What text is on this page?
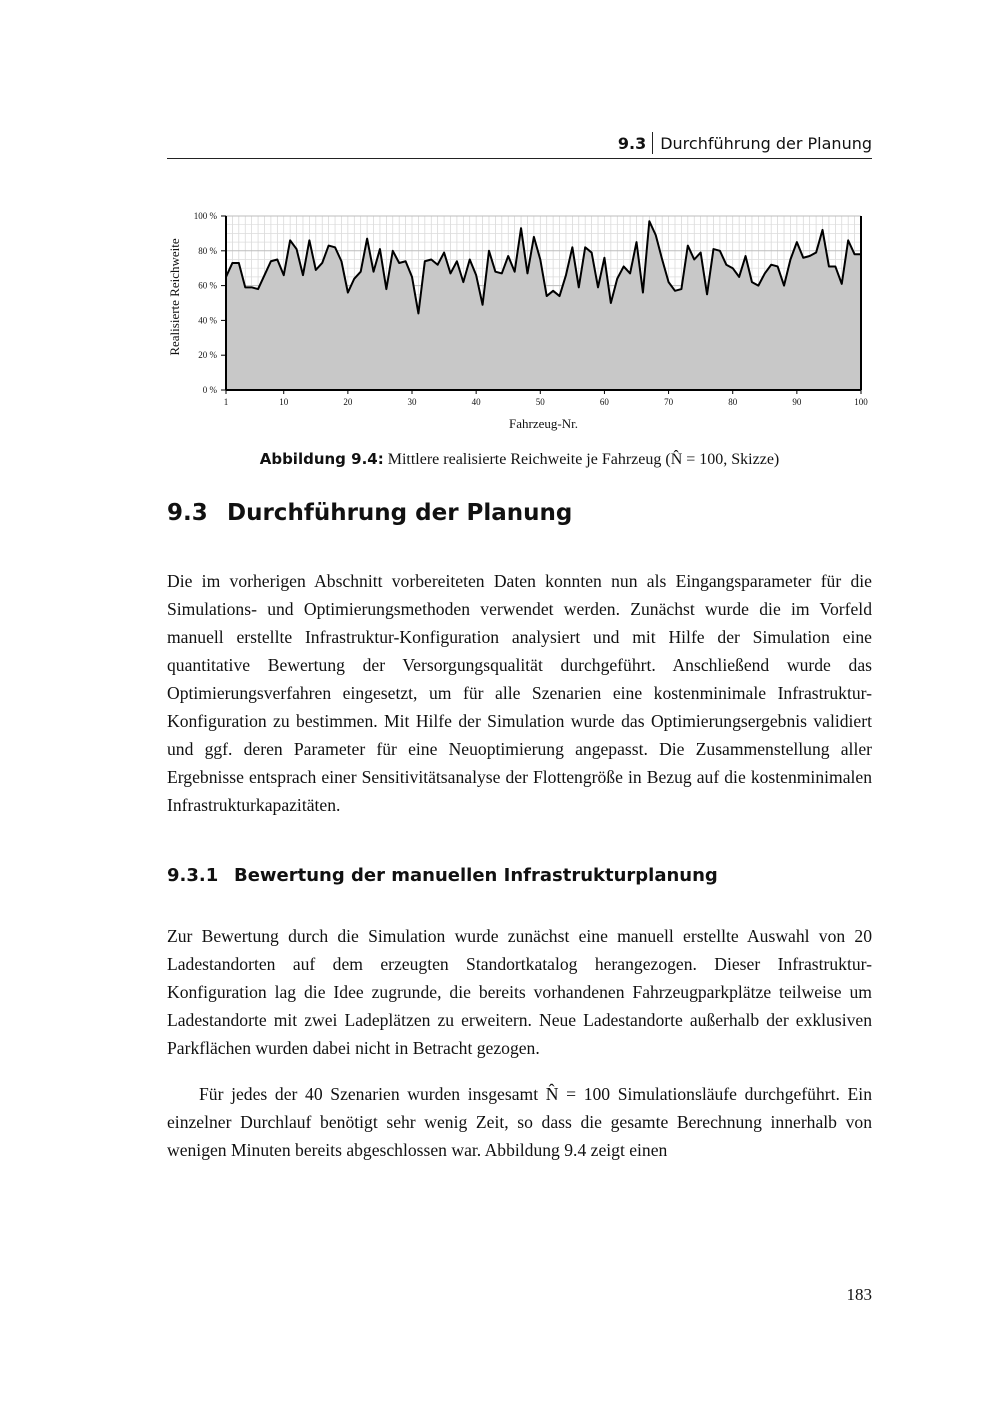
9.3 Durchführung der Planung
0 %
20 %
40 %
60 %
80 %
100 %
1	10	20	30	40	50	60	70	80	90	100
Fahrzeug-Nr.
Realisierte Reichweite
Abbildung 9.4: Mittlere realisierte Reichweite je Fahrzeug (N̂ = 100, Skizze)
9.3 Durchführung der Planung

Die im vorherigen Abschnitt vorbereiteten Daten konnten nun als Eingangsparameter für die Simulations- und Optimierungsmethoden verwendet werden. Zunächst wurde die im Vorfeld manuell erstellte Infrastruktur-Konfiguration analysiert und mit Hilfe der Simulation eine quantitative Bewertung der Versorgungsqualität durchgeführt. Anschließend wurde das Optimierungsverfahren eingesetzt, um für alle Szenarien eine kostenminimale Infrastruktur-Konfiguration zu bestimmen. Mit Hilfe der Simulation wurde das Optimierungsergebnis validiert und ggf. deren Parameter für eine Neuoptimierung angepasst. Die Zusammenstellung aller Ergebnisse entsprach einer Sensitivitätsanalyse der Flottengröße in Bezug auf die kostenminimalen Infrastrukturkapazitäten.

9.3.1 Bewertung der manuellen Infrastrukturplanung

Zur Bewertung durch die Simulation wurde zunächst eine manuell erstellte Auswahl von 20 Ladestandorten auf dem erzeugten Standortkatalog herangezogen. Dieser Infrastruktur-Konfiguration lag die Idee zugrunde, die bereits vorhandenen Fahrzeugparkplätze teilweise um Ladestandorte mit zwei Ladeplätzen zu erweitern. Neue Ladestandorte außerhalb der exklusiven Parkflächen wurden dabei nicht in Betracht gezogen.

Für jedes der 40 Szenarien wurden insgesamt N̂ = 100 Simulationsläufe durchgeführt. Ein einzelner Durchlauf benötigt sehr wenig Zeit, so dass die gesamte Berechnung innerhalb von wenigen Minuten bereits abgeschlossen war. Abbildung 9.4 zeigt einen

183
